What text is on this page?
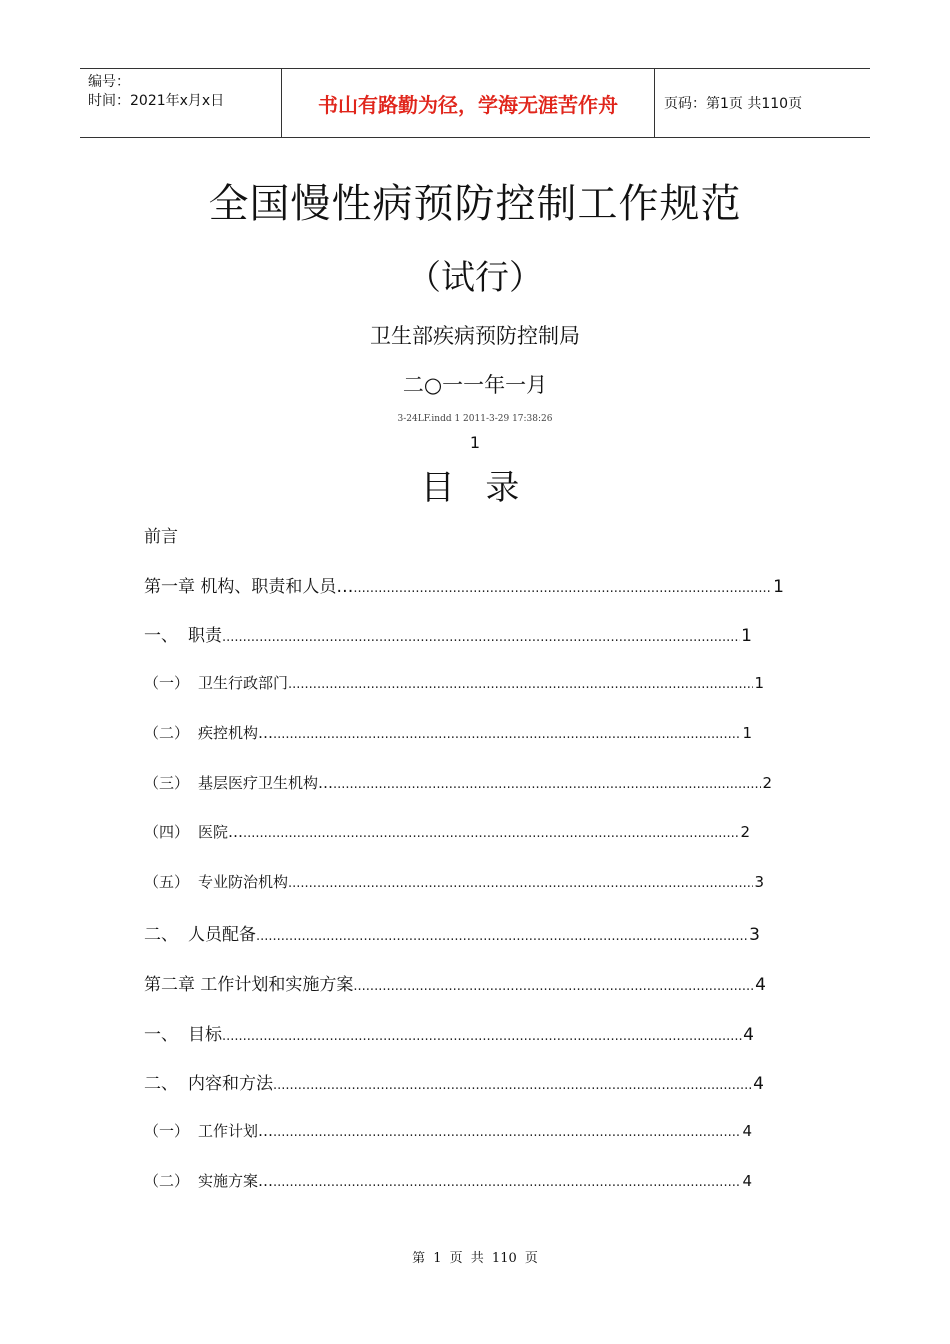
编号：
时间：2021年x月x日	书山有路勤为径，学海无涯苦作舟	页码：第1页 共110页
全国慢性病预防控制工作规范
（试行）
卫生部疾病预防控制局
二○一一年一月
3-24LF.indd 1 2011-3-29 17:38:26
1
目 录
前言
第一章 机构、职责和人员… .....	1
一、 职责 .....	1
（一） 卫生行政部门 .....	1
（二） 疾控机构… .....	1
（三） 基层医疗卫生机构… .....	2
（四） 医院… .....	2
（五） 专业防治机构 .....	3
二、 人员配备 .....	3
第二章 工作计划和实施方案 .....	4
一、 目标 .....	4
二、 内容和方法 .....	4
（一） 工作计划… .....	4
（二） 实施方案… .....	4
第 1 页 共 110 页
